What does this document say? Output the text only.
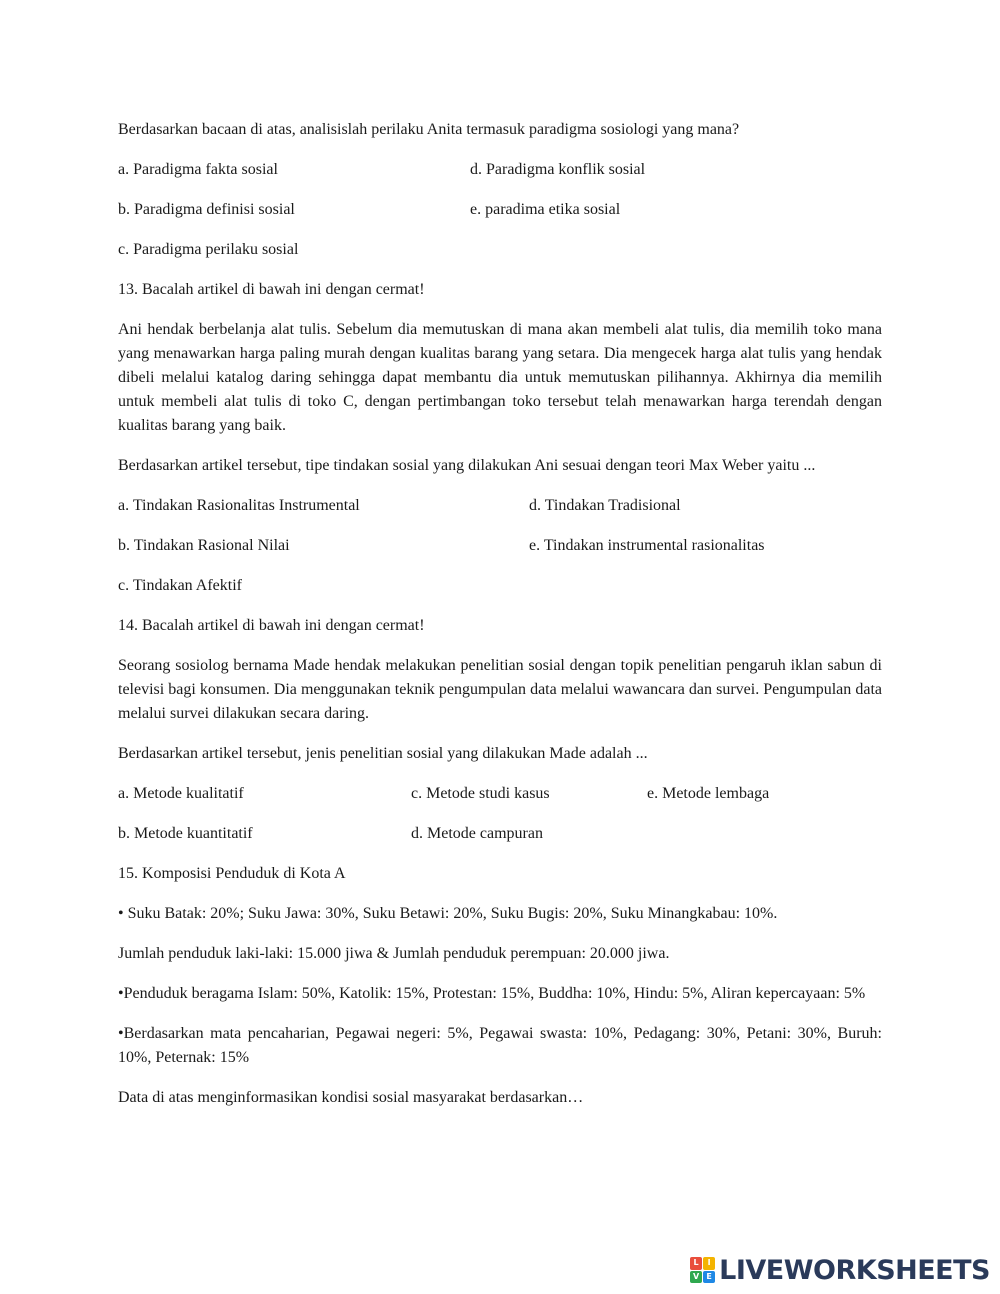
Berdasarkan bacaan di atas, analisislah perilaku Anita termasuk paradigma sosiologi yang mana?

a. Paradigma fakta sosial	d. Paradigma konflik sosial
b. Paradigma definisi sosial	e. paradima etika sosial
c. Paradigma perilaku sosial

13. Bacalah artikel di bawah ini dengan cermat!

Ani hendak berbelanja alat tulis. Sebelum dia memutuskan di mana akan membeli alat tulis, dia memilih toko mana yang menawarkan harga paling murah dengan kualitas barang yang setara. Dia mengecek harga alat tulis yang hendak dibeli melalui katalog daring sehingga dapat membantu dia untuk memutuskan pilihannya. Akhirnya dia memilih untuk membeli alat tulis di toko C, dengan pertimbangan toko tersebut telah menawarkan harga terendah dengan kualitas barang yang baik.

Berdasarkan artikel tersebut, tipe tindakan sosial yang dilakukan Ani sesuai dengan teori Max Weber yaitu ...

a. Tindakan Rasionalitas Instrumental	d. Tindakan Tradisional
b. Tindakan Rasional Nilai	e. Tindakan instrumental rasionalitas
c. Tindakan Afektif

14. Bacalah artikel di bawah ini dengan cermat!

Seorang sosiolog bernama Made hendak melakukan penelitian sosial dengan topik penelitian pengaruh iklan sabun di televisi bagi konsumen. Dia menggunakan teknik pengumpulan data melalui wawancara dan survei. Pengumpulan data melalui survei dilakukan secara daring.

Berdasarkan artikel tersebut, jenis penelitian sosial yang dilakukan Made adalah ...

a. Metode kualitatif	c. Metode studi kasus	e. Metode lembaga
b. Metode kuantitatif	d. Metode campuran

15. Komposisi Penduduk di Kota A

• Suku Batak: 20%; Suku Jawa: 30%, Suku Betawi: 20%, Suku Bugis: 20%, Suku Minangkabau: 10%.

Jumlah penduduk laki-laki: 15.000 jiwa & Jumlah penduduk perempuan: 20.000 jiwa.

•Penduduk beragama Islam: 50%, Katolik: 15%, Protestan: 15%, Buddha: 10%, Hindu: 5%, Aliran kepercayaan: 5%

•Berdasarkan mata pencaharian, Pegawai negeri: 5%, Pegawai swasta: 10%, Pedagang: 30%, Petani: 30%, Buruh: 10%, Peternak: 15%

Data di atas menginformasikan kondisi sosial masyarakat berdasarkan…

L	I
V E LIVEWORKSHEETS
